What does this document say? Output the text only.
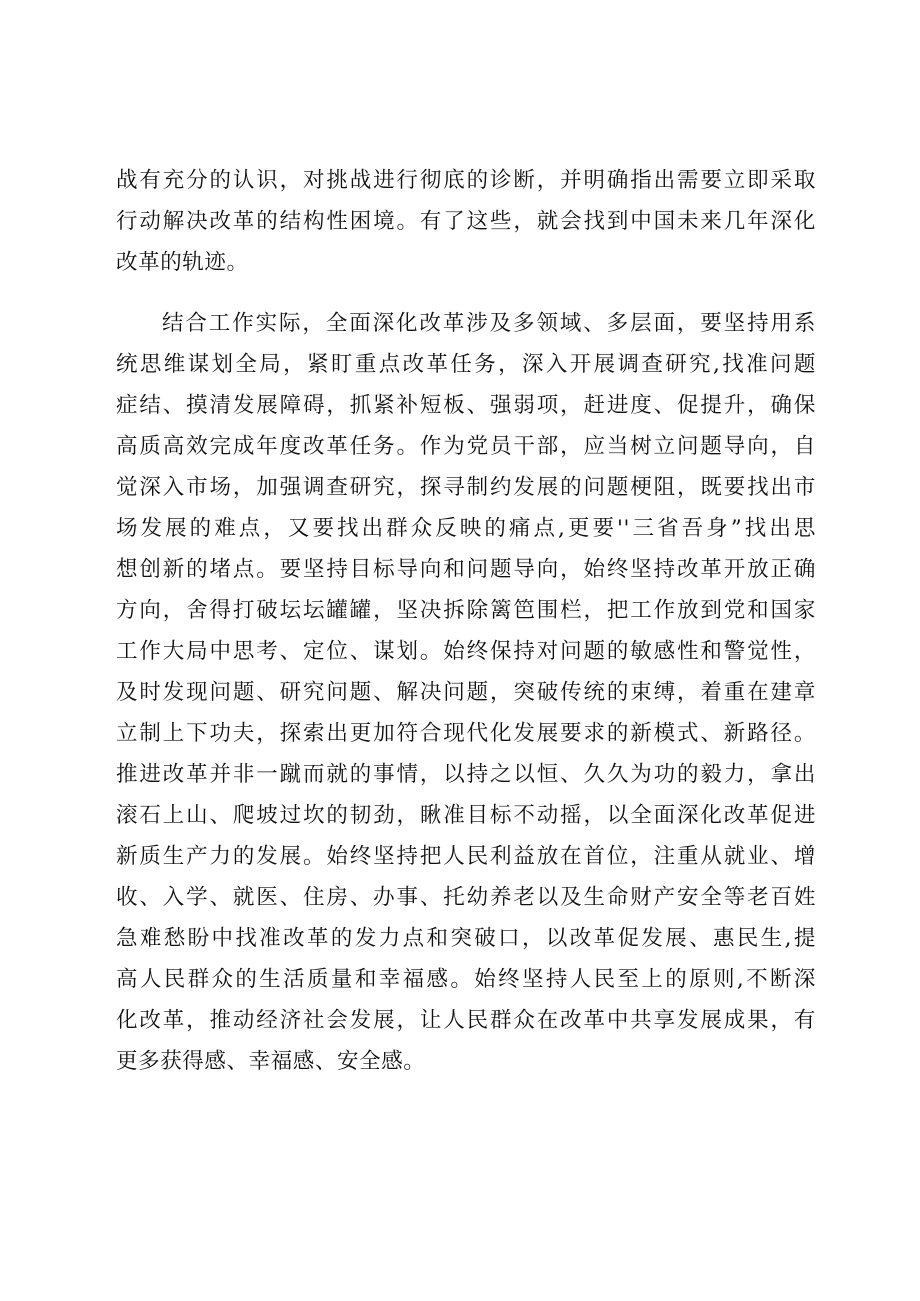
战有充分的认识，对挑战进行彻底的诊断，并明确指出需要立即采取
行动解决改革的结构性困境。有了这些，就会找到中国未来几年深化
改革的轨迹。
结合工作实际，全面深化改革涉及多领域、多层面，要坚持用系
统思维谋划全局，紧盯重点改革任务，深入开展调查研究,找准问题
症结、摸清发展障碍，抓紧补短板、强弱项，赶进度、促提升，确保
高质高效完成年度改革任务。作为党员干部，应当树立问题导向，自
觉深入市场，加强调查研究，探寻制约发展的问题梗阻，既要找出市
场发展的难点，又要找出群众反映的痛点,更要''三省吾身”找出思
想创新的堵点。要坚持目标导向和问题导向，始终坚持改革开放正确
方向，舍得打破坛坛罐罐，坚决拆除篱笆围栏，把工作放到党和国家
工作大局中思考、定位、谋划。始终保持对问题的敏感性和警觉性，
及时发现问题、研究问题、解决问题，突破传统的束缚，着重在建章
立制上下功夫，探索出更加符合现代化发展要求的新模式、新路径。
推进改革并非一蹴而就的事情，以持之以恒、久久为功的毅力，拿出
滚石上山、爬坡过坎的韧劲，瞅准目标不动摇，以全面深化改革促进
新质生产力的发展。始终坚持把人民利益放在首位，注重从就业、增
收、入学、就医、住房、办事、托幼养老以及生命财产安全等老百姓
急难愁盼中找准改革的发力点和突破口，以改革促发展、惠民生,提
高人民群众的生活质量和幸福感。始终坚持人民至上的原则,不断深
化改革，推动经济社会发展，让人民群众在改革中共享发展成果，有
更多获得感、幸福感、安全感。
